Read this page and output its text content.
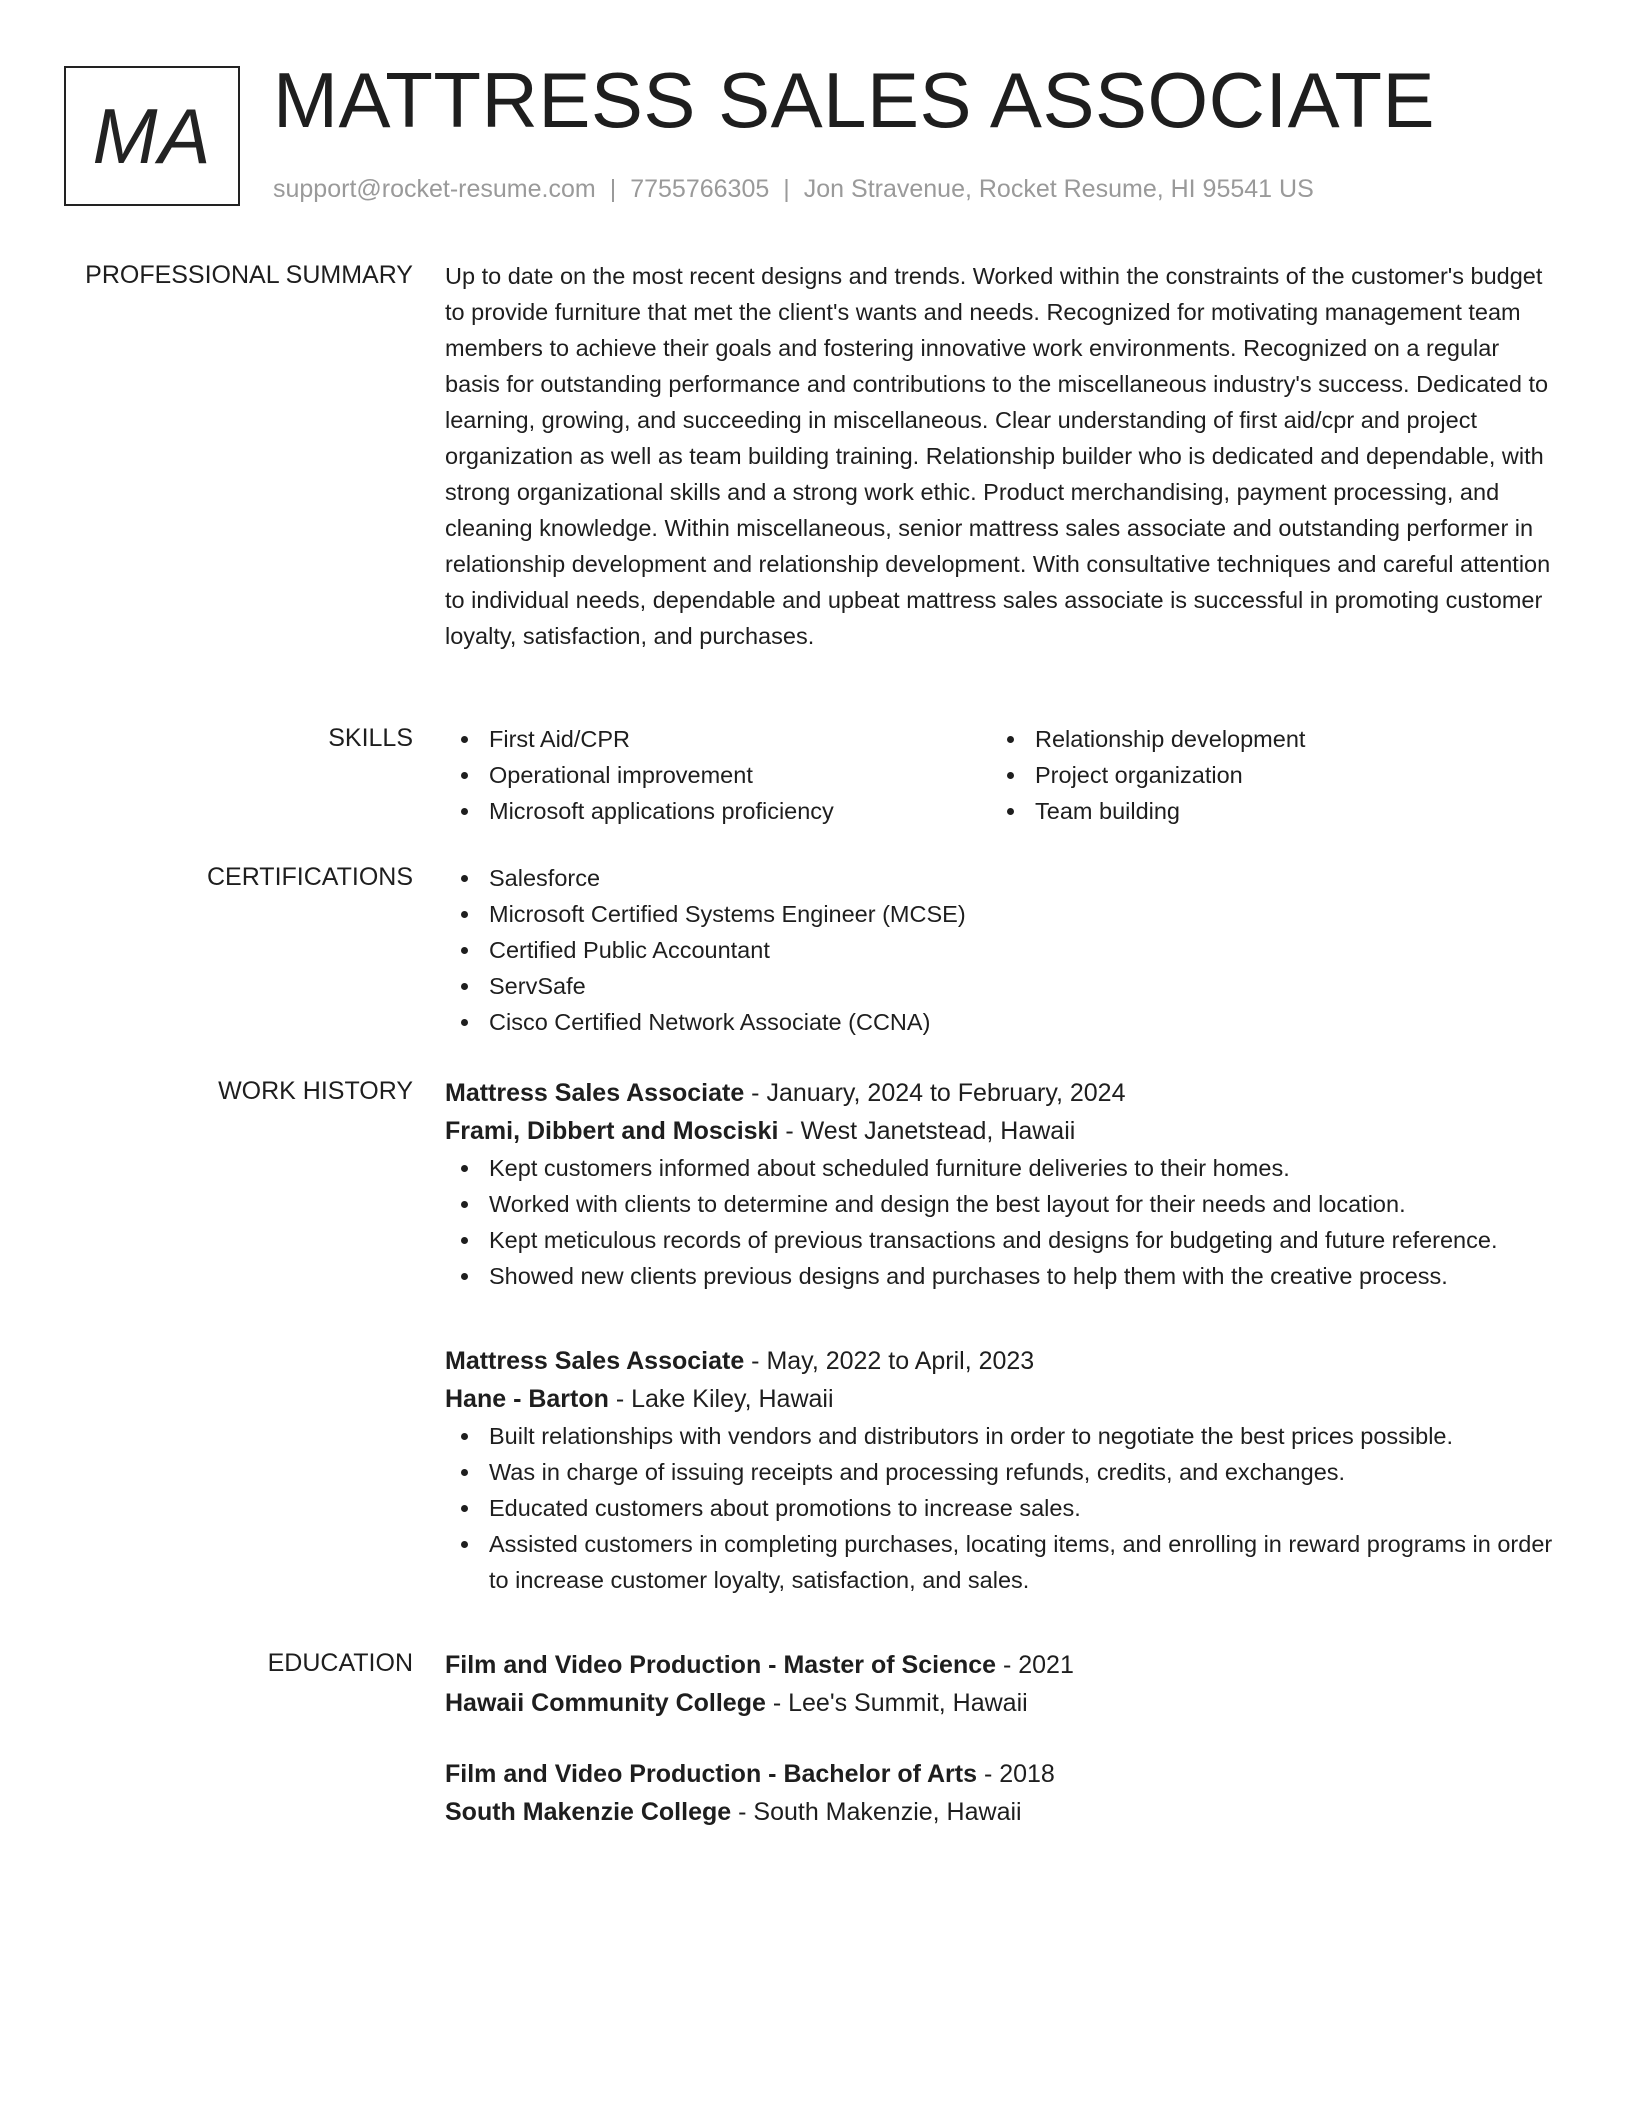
MA MATTRESS SALES ASSOCIATE
support@rocket-resume.com | 7755766305 | Jon Stravenue, Rocket Resume, HI 95541 US
PROFESSIONAL SUMMARY Up to date on the most recent designs and trends. Worked within the constraints of the customer's budget to provide furniture that met the client's wants and needs. Recognized for motivating management team members to achieve their goals and fostering innovative work environments. Recognized on a regular basis for outstanding performance and contributions to the miscellaneous industry's success. Dedicated to learning, growing, and succeeding in miscellaneous. Clear understanding of first aid/cpr and project organization as well as team building training. Relationship builder who is dedicated and dependable, with strong organizational skills and a strong work ethic. Product merchandising, payment processing, and cleaning knowledge. Within miscellaneous, senior mattress sales associate and outstanding performer in relationship development and relationship development. With consultative techniques and careful attention to individual needs, dependable and upbeat mattress sales associate is successful in promoting customer loyalty, satisfaction, and purchases.

SKILLS	First Aid/CPR
Operational improvement
Microsoft applications proficiency
Relationship development
Project organization
Team building
CERTIFICATIONS	Salesforce
Microsoft Certified Systems Engineer (MCSE)
Certified Public Accountant
ServSafe
Cisco Certified Network Associate (CCNA)
WORK HISTORY Mattress Sales Associate - January, 2024 to February, 2024
Frami, Dibbert and Mosciski - West Janetstead, Hawaii
Kept customers informed about scheduled furniture deliveries to their homes.
Worked with clients to determine and design the best layout for their needs and location.
Kept meticulous records of previous transactions and designs for budgeting and future reference.
Showed new clients previous designs and purchases to help them with the creative process.
Mattress Sales Associate - May, 2022 to April, 2023
Hane - Barton - Lake Kiley, Hawaii
Built relationships with vendors and distributors in order to negotiate the best prices possible.
Was in charge of issuing receipts and processing refunds, credits, and exchanges.
Educated customers about promotions to increase sales.
Assisted customers in completing purchases, locating items, and enrolling in reward programs in order to increase customer loyalty, satisfaction, and sales.
EDUCATION Film and Video Production - Master of Science - 2021
Hawaii Community College - Lee's Summit, Hawaii
Film and Video Production - Bachelor of Arts - 2018
South Makenzie College - South Makenzie, Hawaii
